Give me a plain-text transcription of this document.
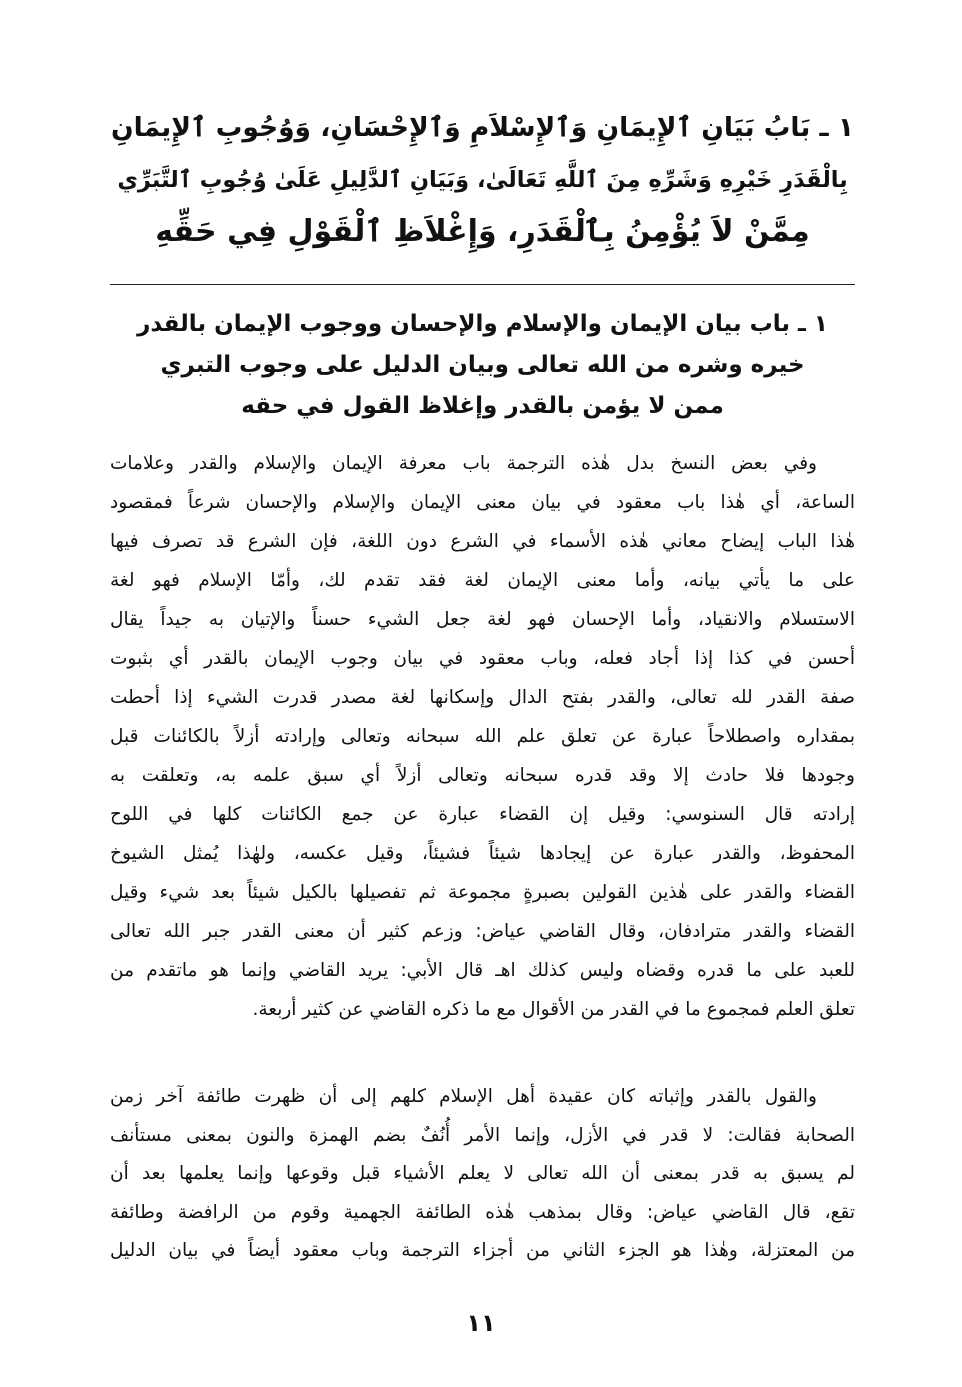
١ ـ بَابُ بَيَانِ ٱلإِيمَانِ وَٱلإِسْلاَمِ وَٱلإِحْسَانِ، وَوُجُوبِ ٱلإِيمَانِ
بِالْقَدَرِ خَيْرِهِ وَشَرِّهِ مِنَ ٱللَّهِ تَعَالَىٰ، وَبَيَانِ ٱلدَّلِيلِ عَلَىٰ وُجُوبِ ٱلتَّبَرِّي
مِمَّنْ لاَ يُؤْمِنُ بِٱلْقَدَرِ، وَإِغْلاَظِ ٱلْقَوْلِ فِي حَقِّهِ
١ ـ باب بيان الإيمان والإسلام والإحسان ووجوب الإيمان بالقدر
خيره وشره من الله تعالى وبيان الدليل على وجوب التبري
ممن لا يؤمن بالقدر وإغلاظ القول في حقه
وفي بعض النسخ بدل هٰذه الترجمة باب معرفة الإيمان والإسلام والقدر وعلامات
الساعة، أي هٰذا باب معقود في بيان معنى الإيمان والإسلام والإحسان شرعاً فمقصود
هٰذا الباب إيضاح معاني هٰذه الأسماء في الشرع دون اللغة، فإن الشرع قد تصرف فيها
على ما يأتي بيانه، وأما معنى الإيمان لغة فقد تقدم لك، وأمّا الإسلام فهو لغة
الاستسلام والانقياد، وأما الإحسان فهو لغة جعل الشيء حسناً والإتيان به جيداً يقال
أحسن في كذا إذا أجاد فعله، وباب معقود في بيان وجوب الإيمان بالقدر أي بثبوت
صفة القدر لله تعالى، والقدر بفتح الدال وإسكانها لغة مصدر قدرت الشيء إذا أحطت
بمقداره واصطلاحاً عبارة عن تعلق علم الله سبحانه وتعالى وإرادته أزلاً بالكائنات قبل
وجودها فلا حادث إلا وقد قدره سبحانه وتعالى أزلاً أي سبق علمه به، وتعلقت به
إرادته قال السنوسي: وقيل إن القضاء عبارة عن جمع الكائنات كلها في اللوح
المحفوظ، والقدر عبارة عن إيجادها شيئاً فشيئاً، وقيل عكسه، ولهٰذا يُمثل الشيوخ
القضاء والقدر على هٰذين القولين بصبرةٍ مجموعة ثم تفصيلها بالكيل شيئاً بعد شيء وقيل
القضاء والقدر مترادفان، وقال القاضي عياض: وزعم كثير أن معنى القدر جبر الله تعالى
للعبد على ما قدره وقضاه وليس كذلك اهـ قال الأبي: يريد القاضي وإنما هو ماتقدم من
تعلق العلم فمجموع ما في القدر من الأقوال مع ما ذكره القاضي عن كثير أربعة.
والقول بالقدر وإثباته كان عقيدة أهل الإسلام كلهم إلى أن ظهرت طائفة آخر زمن
الصحابة فقالت: لا قدر في الأزل، وإنما الأمر أُنُفٌ بضم الهمزة والنون بمعنى مستأنف
لم يسبق به قدر بمعنى أن الله تعالى لا يعلم الأشياء قبل وقوعها وإنما يعلمها بعد أن
تقع، قال القاضي عياض: وقال بمذهب هٰذه الطائفة الجهمية وقوم من الرافضة وطائفة
من المعتزلة، وهٰذا هو الجزء الثاني من أجزاء الترجمة وباب معقود أيضاً في بيان الدليل
١١
